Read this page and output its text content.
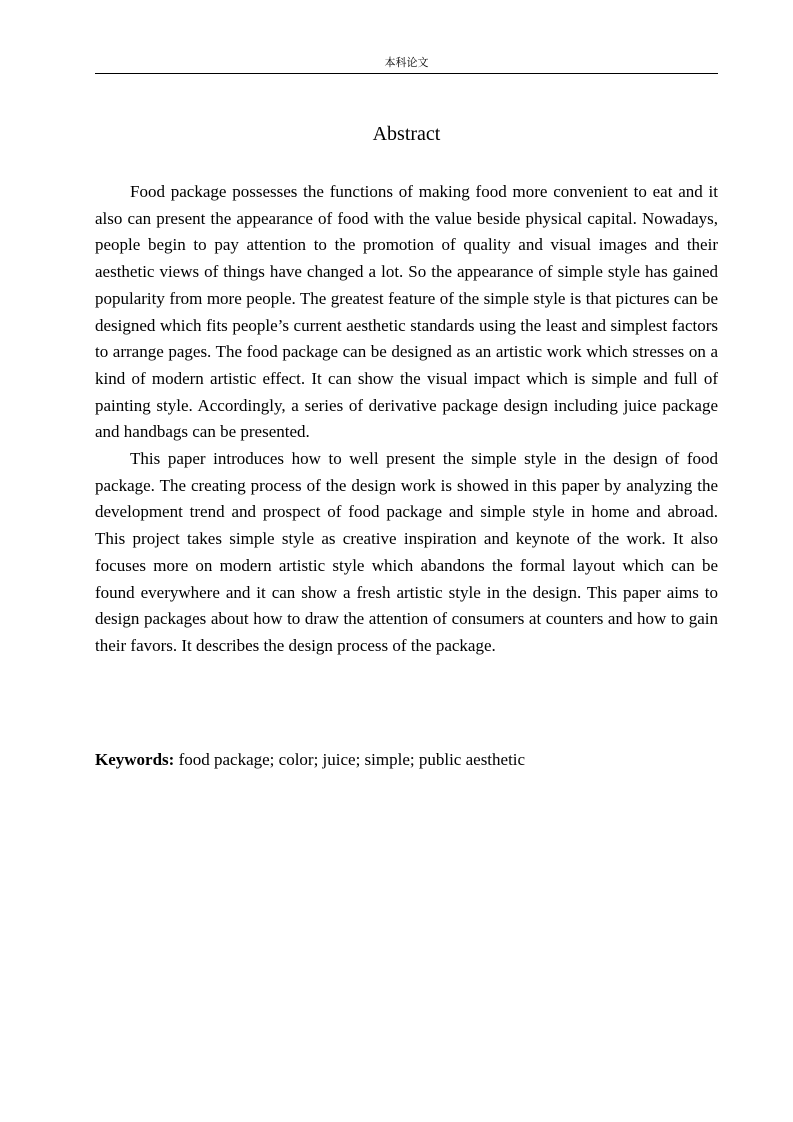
本科论文
Abstract

Food package possesses the functions of making food more convenient to eat and it also can present the appearance of food with the value beside physical capital. Nowadays, people begin to pay attention to the promotion of quality and visual images and their aesthetic views of things have changed a lot. So the appearance of simple style has gained popularity from more people. The greatest feature of the simple style is that pictures can be designed which fits people’s current aesthetic standards using the least and simplest factors to arrange pages. The food package can be designed as an artistic work which stresses on a kind of modern artistic effect. It can show the visual impact which is simple and full of painting style. Accordingly, a series of derivative package design including juice package and handbags can be presented.

This paper introduces how to well present the simple style in the design of food package. The creating process of the design work is showed in this paper by analyzing the development trend and prospect of food package and simple style in home and abroad. This project takes simple style as creative inspiration and keynote of the work. It also focuses more on modern artistic style which abandons the formal layout which can be found everywhere and it can show a fresh artistic style in the design. This paper aims to design packages about how to draw the attention of consumers at counters and how to gain their favors. It describes the design process of the package.

Keywords: food package; color; juice; simple; public aesthetic
